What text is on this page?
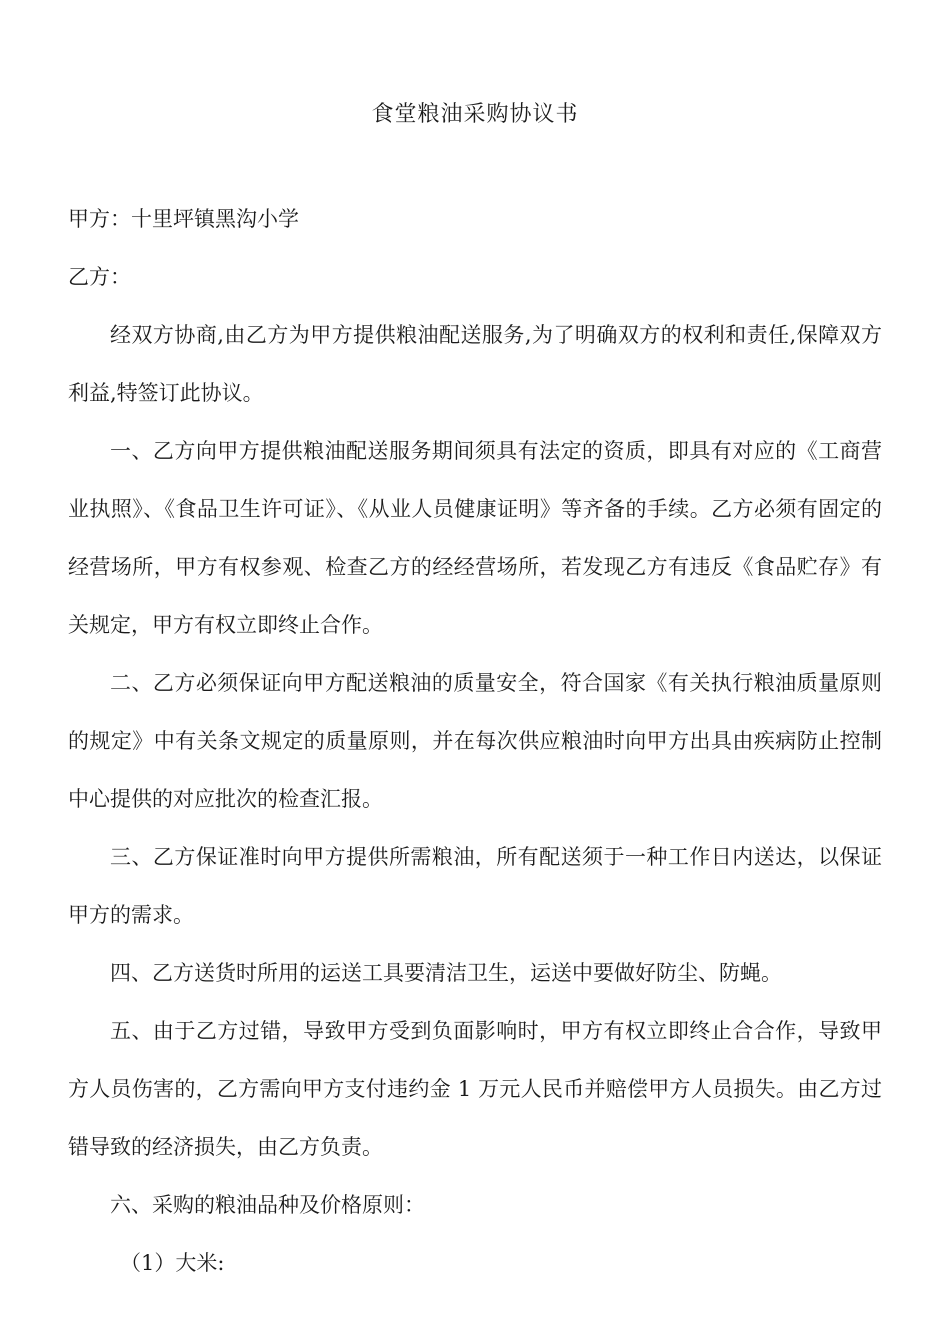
食堂粮油采购协议书

甲方：十里坪镇黑沟小学

乙方：

经双方协商,由乙方为甲方提供粮油配送服务,为了明确双方的权利和责任,保障双方利益,特签订此协议。

一、乙方向甲方提供粮油配送服务期间须具有法定的资质，即具有对应的《工商营业执照》、《食品卫生许可证》、《从业人员健康证明》等齐备的手续。乙方必须有固定的经营场所，甲方有权参观、检查乙方的经经营场所，若发现乙方有违反《食品贮存》有关规定，甲方有权立即终止合作。

二、乙方必须保证向甲方配送粮油的质量安全，符合国家《有关执行粮油质量原则的规定》中有关条文规定的质量原则，并在每次供应粮油时向甲方出具由疾病防止控制中心提供的对应批次的检查汇报。

三、乙方保证准时向甲方提供所需粮油，所有配送须于一种工作日内送达，以保证甲方的需求。

四、乙方送货时所用的运送工具要清洁卫生，运送中要做好防尘、防蝇。

五、由于乙方过错，导致甲方受到负面影响时，甲方有权立即终止合合作，导致甲方人员伤害的，乙方需向甲方支付违约金 1 万元人民币并赔偿甲方人员损失。由乙方过错导致的经济损失，由乙方负责。

六、采购的粮油品种及价格原则：

（1）大米:
